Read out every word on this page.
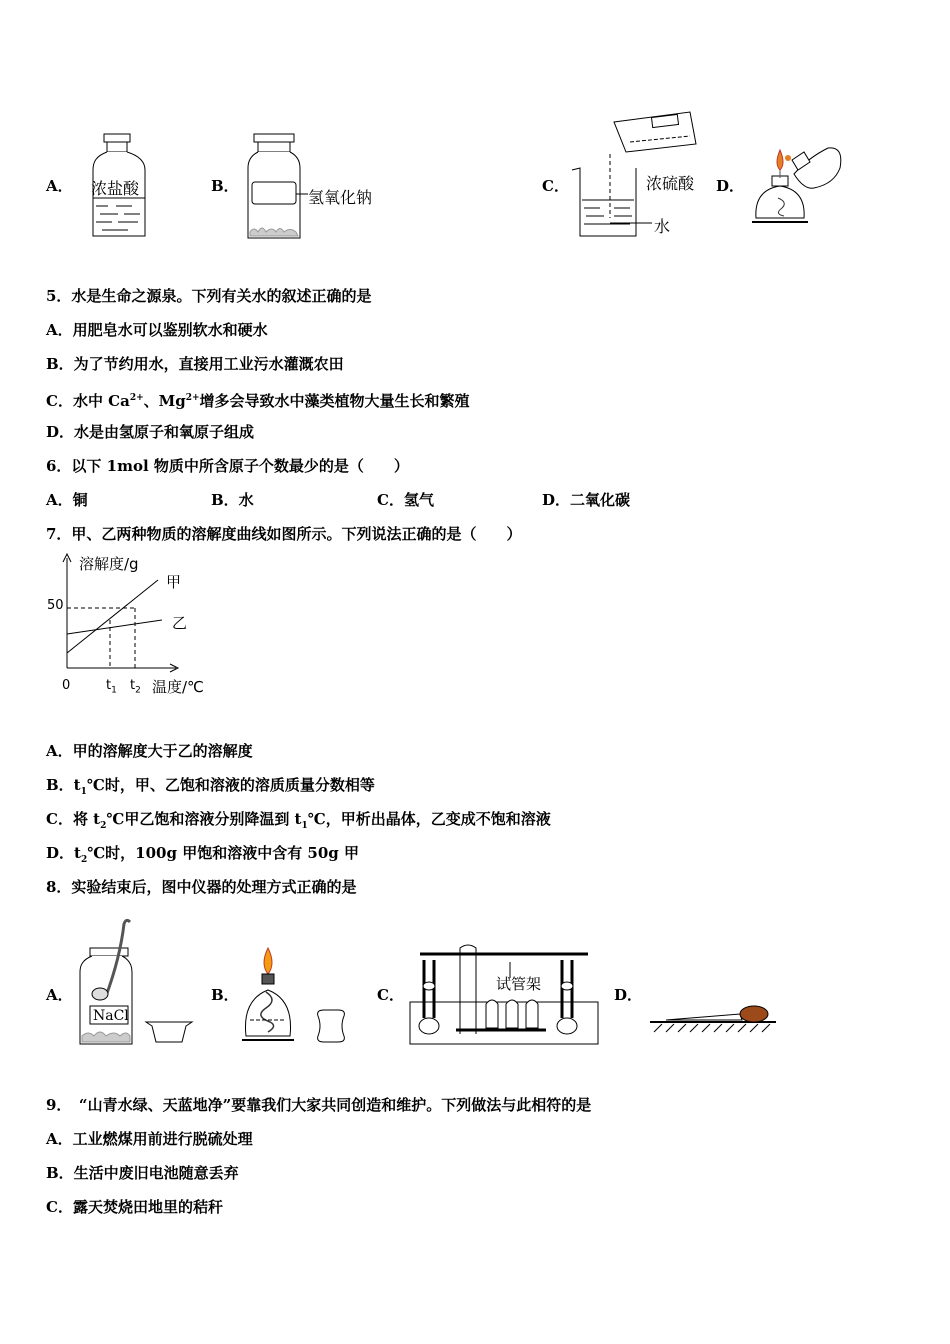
A． 浓盐酸	B．
氢氧化钠
C．	浓硫酸
水
D．
5．水是生命之源泉。下列有关水的叙述正确的是
A．用肥皂水可以鉴别软水和硬水
B．为了节约用水，直接用工业污水灌溉农田
C．水中 $Ca^{2+}$、$Mg^{2+}$增多会导致水中藻类植物大量生长和繁殖
D．水是由氢原子和氧原子组成
6．以下 1mol 物质中所含原子个数最少的是（　　）
A．铜	B．水	C．氢气	D．二氧化碳
7．甲、乙两种物质的溶解度曲线如图所示。下列说法正确的是（　　）
溶解度/g
50
0	$t_1$ $t_2$ 温度/℃
甲
乙
A．甲的溶解度大于乙的溶解度
B．$t_1℃$时，甲、乙饱和溶液的溶质质量分数相等
C．将 $t_2℃$甲乙饱和溶液分别降温到 $t_1℃$，甲析出晶体，乙变成不饱和溶液
D．$t_2℃$时，100g 甲饱和溶液中含有 50g 甲
8．实验结束后，图中仪器的处理方式正确的是
A．
NaCl
B．	C．
试管架
D．
9．　“山青水绿、天蓝地净”要靠我们大家共同创造和维护。下列做法与此相符的是
A．工业燃煤用前进行脱硫处理
B．生活中废旧电池随意丢弃
C．露天焚烧田地里的秸秆
